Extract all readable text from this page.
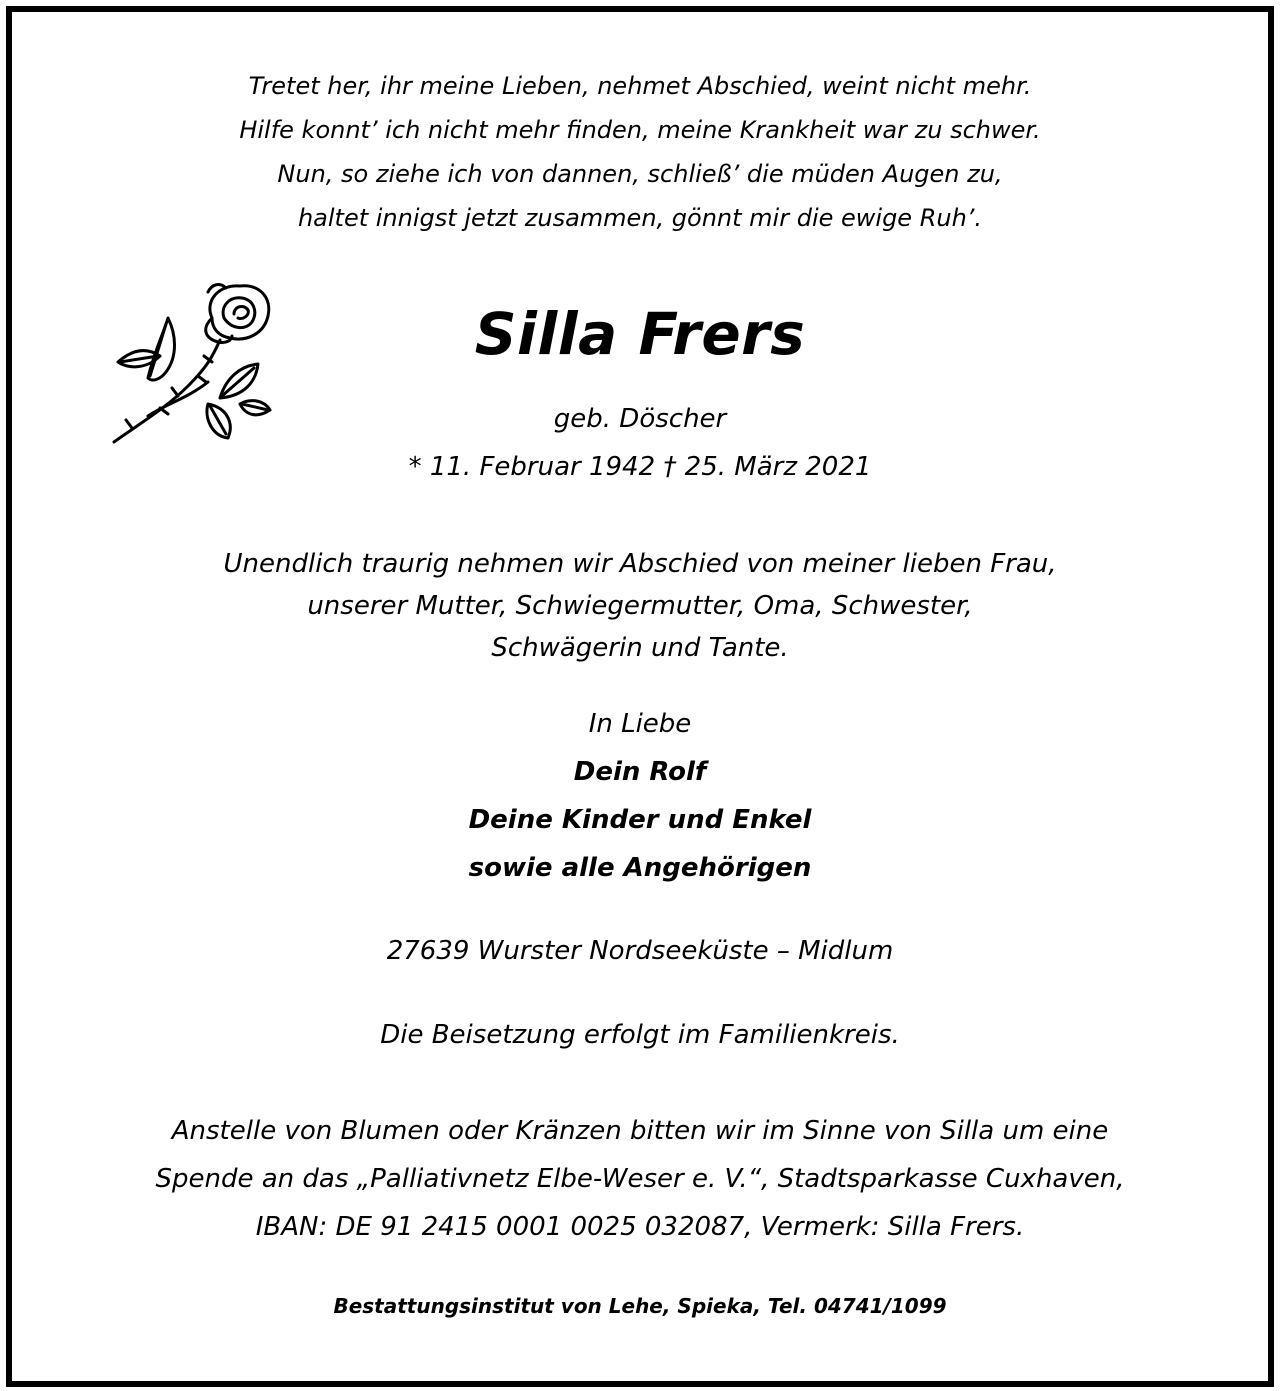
Tretet her, ihr meine Lieben, nehmet Abschied, weint nicht mehr.
Hilfe konnt’ ich nicht mehr finden, meine Krankheit war zu schwer.
Nun, so ziehe ich von dannen, schließ’ die müden Augen zu,
haltet innigst jetzt zusammen, gönnt mir die ewige Ruh’.
Silla Frers
geb. Döscher
* 11. Februar 1942 † 25. März 2021
Unendlich traurig nehmen wir Abschied von meiner lieben Frau,
unserer Mutter, Schwiegermutter, Oma, Schwester,
Schwägerin und Tante.
In Liebe
Dein Rolf
Deine Kinder und Enkel
sowie alle Angehörigen
27639 Wurster Nordseeküste – Midlum
Die Beisetzung erfolgt im Familienkreis.
Anstelle von Blumen oder Kränzen bitten wir im Sinne von Silla um eine
Spende an das „Palliativnetz Elbe-Weser e. V.“, Stadtsparkasse Cuxhaven,
IBAN: DE 91 2415 0001 0025 032087, Vermerk: Silla Frers.
Bestattungsinstitut von Lehe, Spieka, Tel. 04741/1099
